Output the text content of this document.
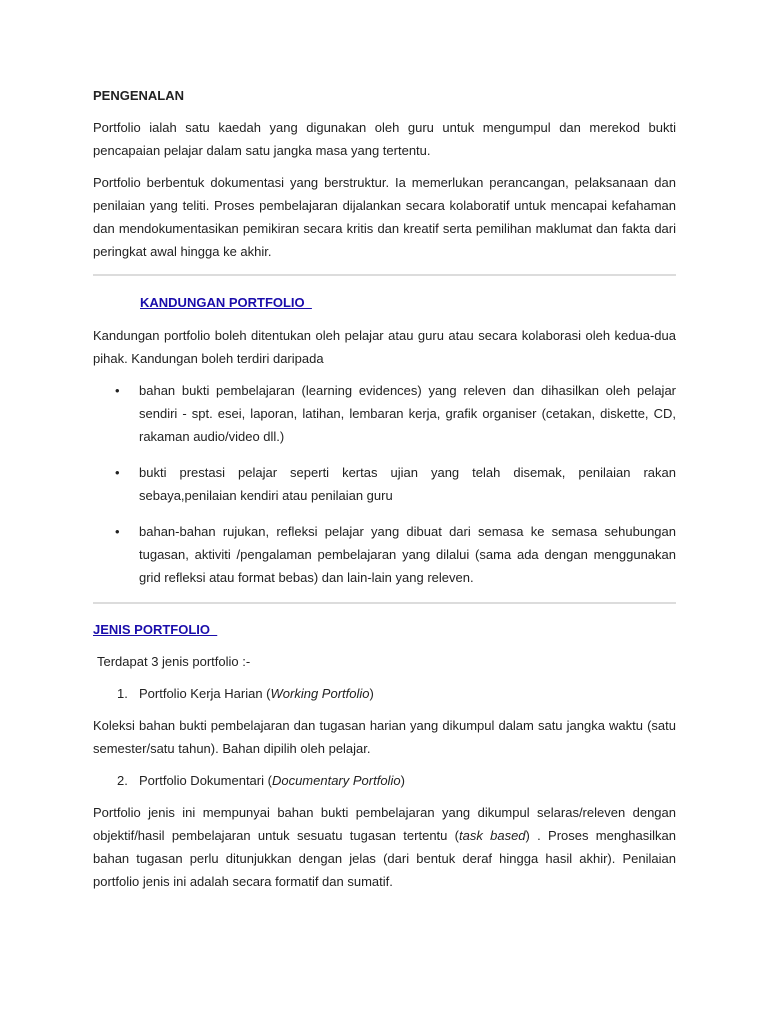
PENGENALAN

Portfolio ialah satu kaedah yang digunakan oleh guru untuk mengumpul dan merekod bukti pencapaian pelajar dalam satu jangka masa yang tertentu.

Portfolio berbentuk dokumentasi yang berstruktur. Ia memerlukan perancangan, pelaksanaan dan penilaian yang teliti. Proses pembelajaran dijalankan secara kolaboratif untuk mencapai kefahaman dan mendokumentasikan pemikiran secara kritis dan kreatif serta pemilihan maklumat dan fakta dari peringkat awal hingga ke akhir.

KANDUNGAN PORTFOLIO

Kandungan portfolio boleh ditentukan oleh pelajar atau guru atau secara kolaborasi oleh kedua-dua pihak. Kandungan boleh terdiri daripada

• bahan bukti pembelajaran (learning evidences) yang releven dan dihasilkan oleh pelajar sendiri - spt. esei, laporan, latihan, lembaran kerja, grafik organiser (cetakan, diskette, CD, rakaman audio/video dll.)
• bukti prestasi pelajar seperti kertas ujian yang telah disemak, penilaian rakan sebaya,penilaian kendiri atau penilaian guru
• bahan-bahan rujukan, refleksi pelajar yang dibuat dari semasa ke semasa sehubungan tugasan, aktiviti /pengalaman pembelajaran yang dilalui (sama ada dengan menggunakan grid refleksi atau format bebas) dan lain-lain yang releven.
JENIS PORTFOLIO

Terdapat 3 jenis portfolio :-

1. Portfolio Kerja Harian (Working Portfolio)

Koleksi bahan bukti pembelajaran dan tugasan harian yang dikumpul dalam satu jangka waktu (satu semester/satu tahun). Bahan dipilih oleh pelajar.

2. Portfolio Dokumentari (Documentary Portfolio)

Portfolio jenis ini mempunyai bahan bukti pembelajaran yang dikumpul selaras/releven dengan objektif/hasil pembelajaran untuk sesuatu tugasan tertentu (task based) . Proses menghasilkan bahan tugasan perlu ditunjukkan dengan jelas (dari bentuk deraf hingga hasil akhir). Penilaian portfolio jenis ini adalah secara formatif dan sumatif.
